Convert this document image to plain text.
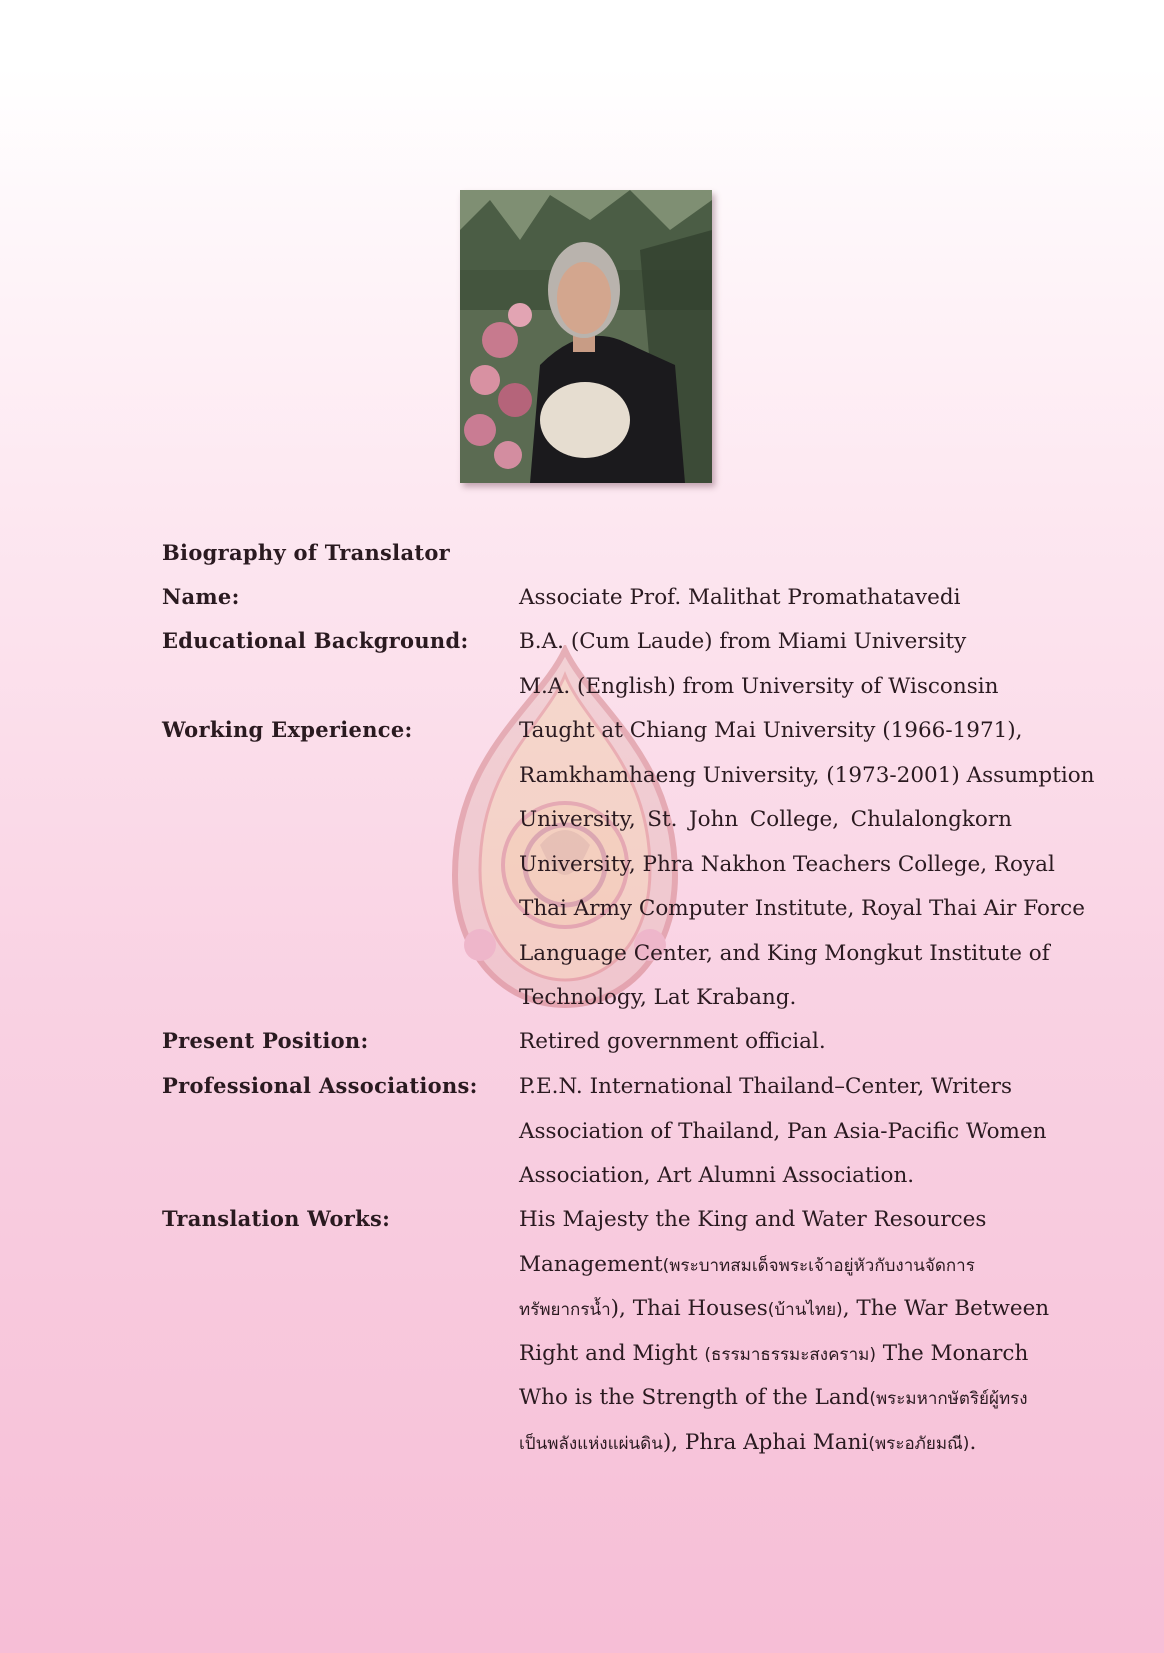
Biography of Translator
Name:	Associate Prof. Malithat Promathatavedi
Educational Background: B.A. (Cum Laude) from Miami University
M.A. (English) from University of Wisconsin
Working Experience:	Taught at Chiang Mai University (1966-1971),
Ramkhamhaeng University, (1973-2001) Assumption
University, St. John College, Chulalongkorn
University, Phra Nakhon Teachers College, Royal
Thai Army Computer Institute, Royal Thai Air Force
Language Center, and King Mongkut Institute of
Technology, Lat Krabang.
Present Position:	Retired government official.
Professional Associations: P.E.N. International Thailand–Center, Writers
Association of Thailand, Pan Asia-Pacific Women
Association, Art Alumni Association.
Translation Works:	His Majesty the King and Water Resources
Management(พระบาทสมเด็จพระเจ้าอยู่หัวกับงานจัดการ
ทรัพยากรน้ำ), Thai Houses(บ้านไทย), The War Between
Right and Might (ธรรมาธรรมะสงคราม) The Monarch
Who is the Strength of the Land(พระมหากษัตริย์ผู้ทรง
เป็นพลังแห่งแผ่นดิน), Phra Aphai Mani(พระอภัยมณี).
